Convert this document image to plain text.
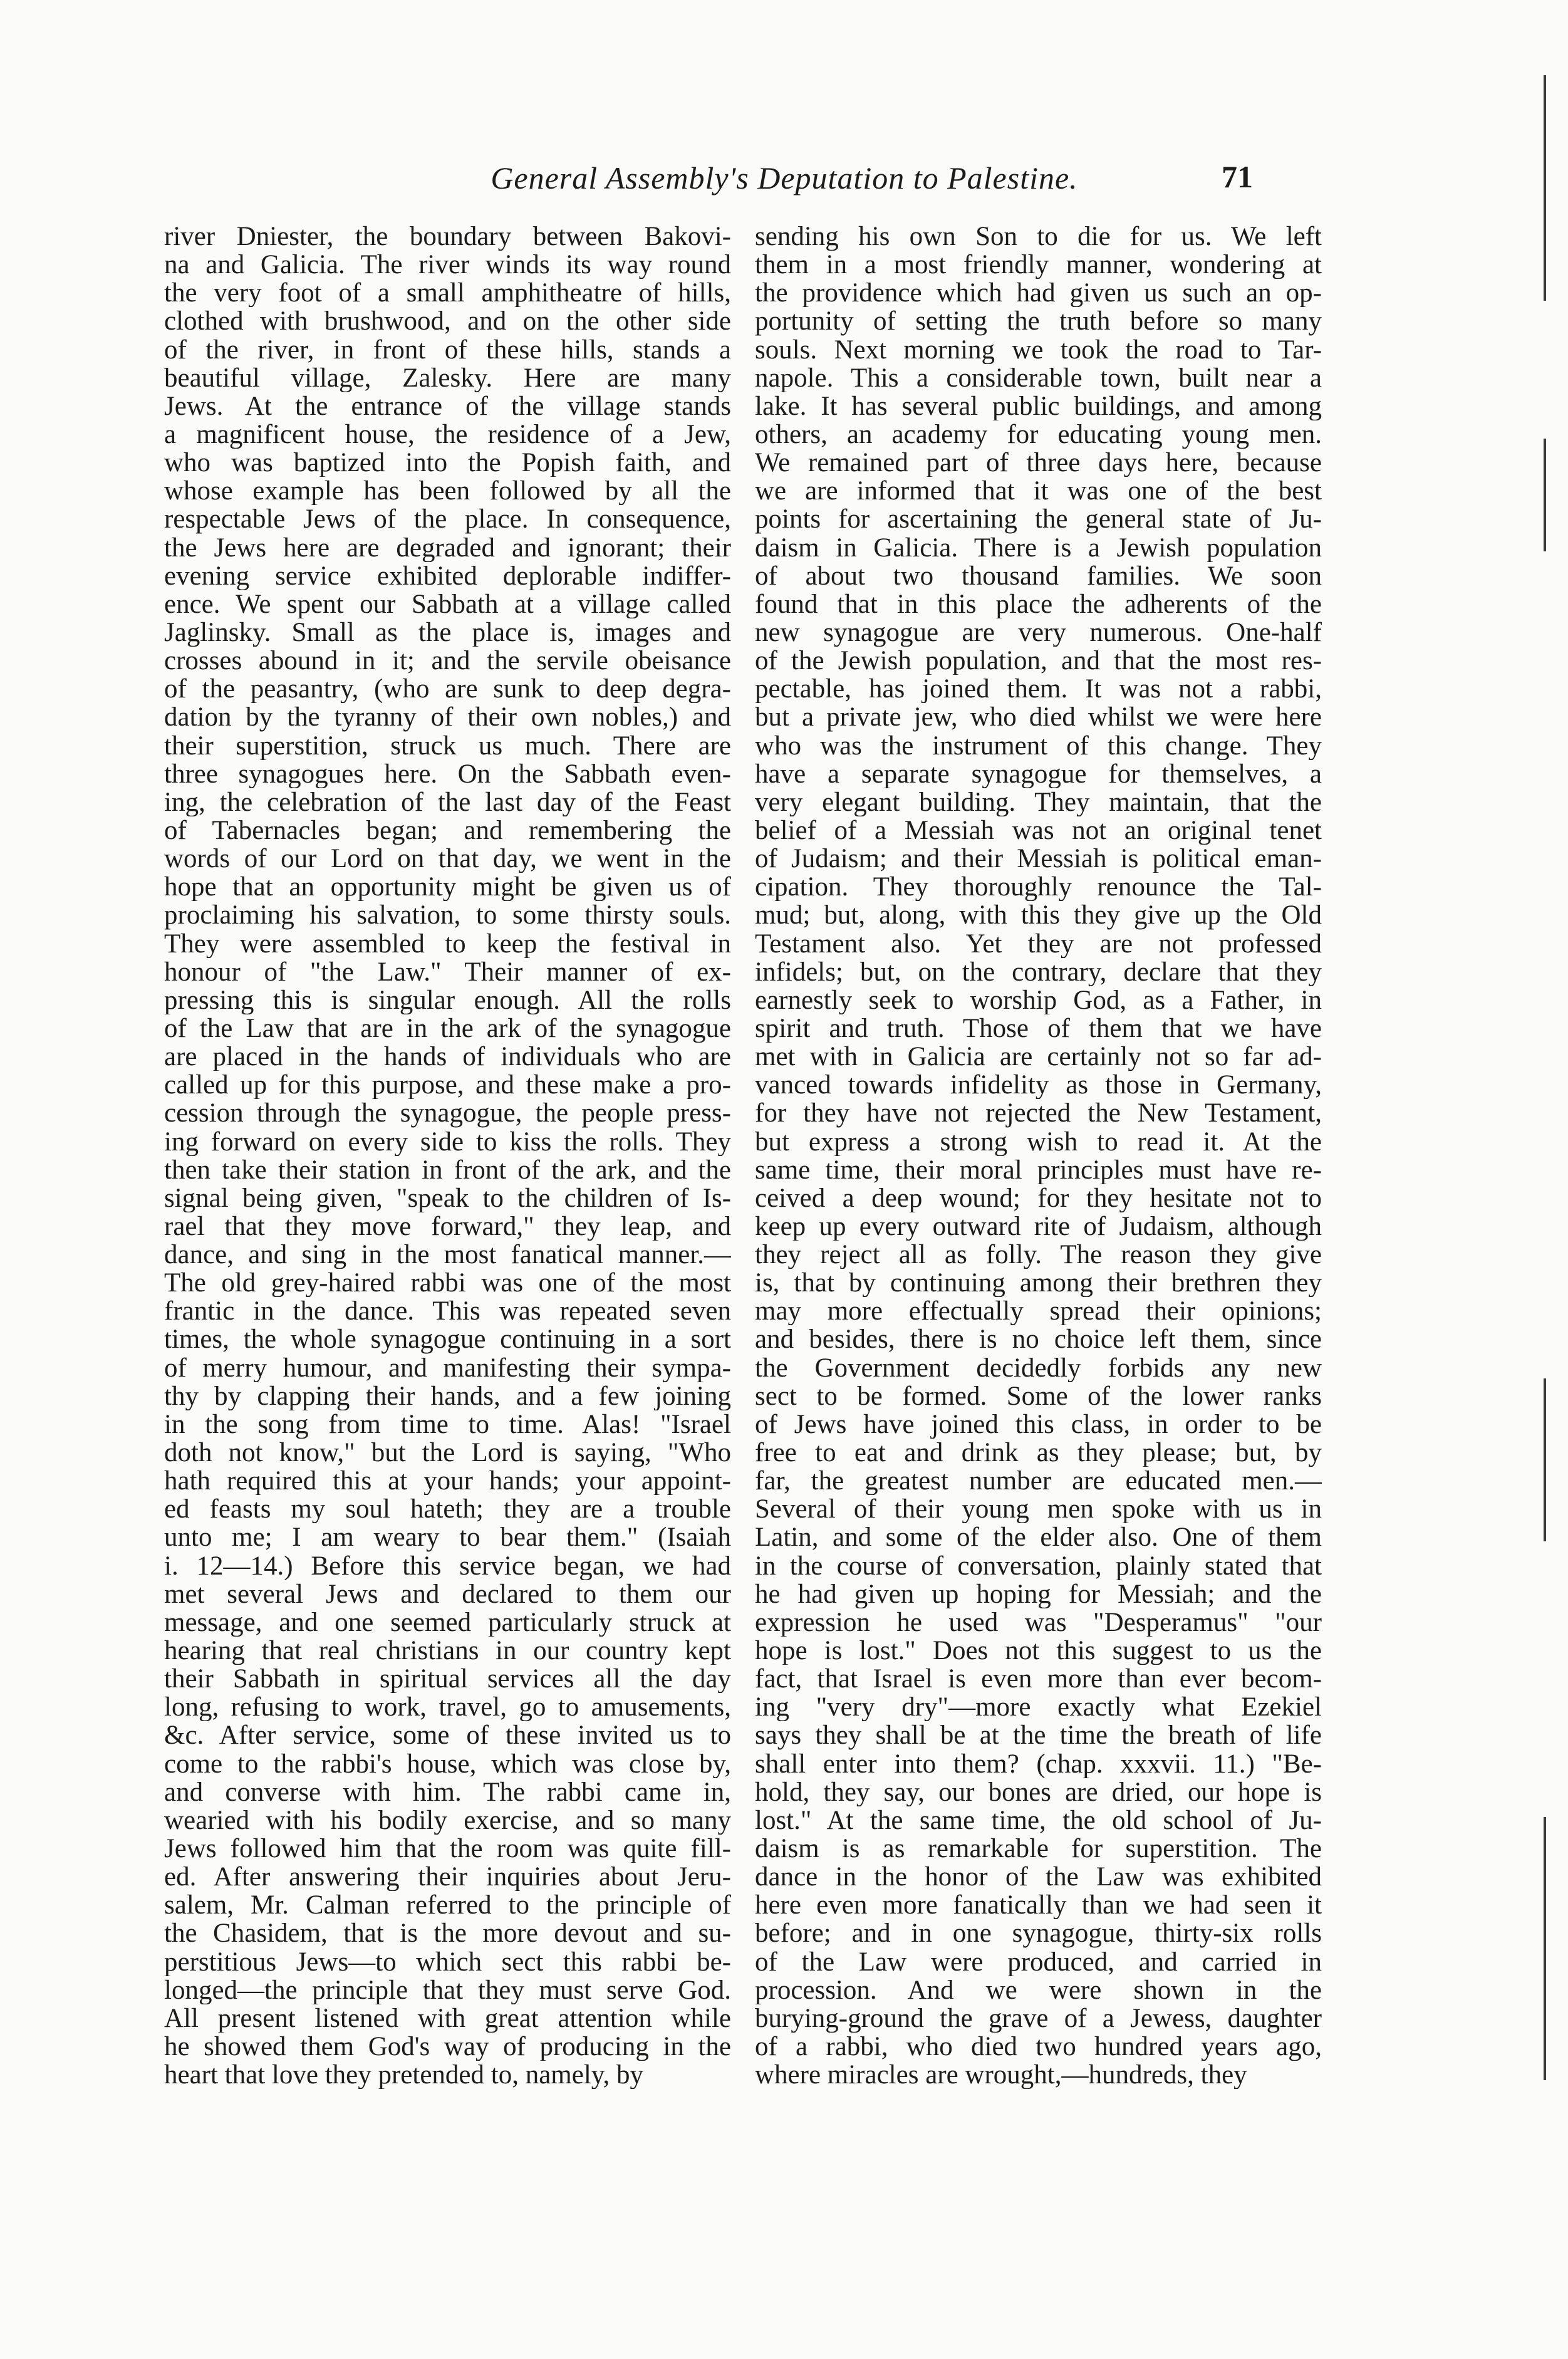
General Assembly's Deputation to Palestine.	71
river Dniester, the boundary between Bakovi-
na and Galicia. The river winds its way round
the very foot of a small amphitheatre of hills,
clothed with brushwood, and on the other side
of the river, in front of these hills, stands a
beautiful village, Zalesky. Here are many
Jews. At the entrance of the village stands
a magnificent house, the residence of a Jew,
who was baptized into the Popish faith, and
whose example has been followed by all the
respectable Jews of the place. In consequence,
the Jews here are degraded and ignorant; their
evening service exhibited deplorable indiffer-
ence. We spent our Sabbath at a village called
Jaglinsky. Small as the place is, images and
crosses abound in it; and the servile obeisance
of the peasantry, (who are sunk to deep degra-
dation by the tyranny of their own nobles,) and
their superstition, struck us much. There are
three synagogues here. On the Sabbath even-
ing, the celebration of the last day of the Feast
of Tabernacles began; and remembering the
words of our Lord on that day, we went in the
hope that an opportunity might be given us of
proclaiming his salvation, to some thirsty souls.
They were assembled to keep the festival in
honour of "the Law." Their manner of ex-
pressing this is singular enough. All the rolls
of the Law that are in the ark of the synagogue
are placed in the hands of individuals who are
called up for this purpose, and these make a pro-
cession through the synagogue, the people press-
ing forward on every side to kiss the rolls. They
then take their station in front of the ark, and the
signal being given, "speak to the children of Is-
rael that they move forward," they leap, and
dance, and sing in the most fanatical manner.—
The old grey-haired rabbi was one of the most
frantic in the dance. This was repeated seven
times, the whole synagogue continuing in a sort
of merry humour, and manifesting their sympa-
thy by clapping their hands, and a few joining
in the song from time to time. Alas! "Israel
doth not know," but the Lord is saying, "Who
hath required this at your hands; your appoint-
ed feasts my soul hateth; they are a trouble
unto me; I am weary to bear them." (Isaiah
i. 12—14.) Before this service began, we had
met several Jews and declared to them our
message, and one seemed particularly struck at
hearing that real christians in our country kept
their Sabbath in spiritual services all the day
long, refusing to work, travel, go to amusements,
&c. After service, some of these invited us to
come to the rabbi's house, which was close by,
and converse with him. The rabbi came in,
wearied with his bodily exercise, and so many
Jews followed him that the room was quite fill-
ed. After answering their inquiries about Jeru-
salem, Mr. Calman referred to the principle of
the Chasidem, that is the more devout and su-
perstitious Jews—to which sect this rabbi be-
longed—the principle that they must serve God.
All present listened with great attention while
he showed them God's way of producing in the
heart that love they pretended to, namely, by
sending his own Son to die for us. We left
them in a most friendly manner, wondering at
the providence which had given us such an op-
portunity of setting the truth before so many
souls. Next morning we took the road to Tar-
napole. This a considerable town, built near a
lake. It has several public buildings, and among
others, an academy for educating young men.
We remained part of three days here, because
we are informed that it was one of the best
points for ascertaining the general state of Ju-
daism in Galicia. There is a Jewish population
of about two thousand families. We soon
found that in this place the adherents of the
new synagogue are very numerous. One-half
of the Jewish population, and that the most res-
pectable, has joined them. It was not a rabbi,
but a private jew, who died whilst we were here
who was the instrument of this change. They
have a separate synagogue for themselves, a
very elegant building. They maintain, that the
belief of a Messiah was not an original tenet
of Judaism; and their Messiah is political eman-
cipation. They thoroughly renounce the Tal-
mud; but, along, with this they give up the Old
Testament also. Yet they are not professed
infidels; but, on the contrary, declare that they
earnestly seek to worship God, as a Father, in
spirit and truth. Those of them that we have
met with in Galicia are certainly not so far ad-
vanced towards infidelity as those in Germany,
for they have not rejected the New Testament,
but express a strong wish to read it. At the
same time, their moral principles must have re-
ceived a deep wound; for they hesitate not to
keep up every outward rite of Judaism, although
they reject all as folly. The reason they give
is, that by continuing among their brethren they
may more effectually spread their opinions;
and besides, there is no choice left them, since
the Government decidedly forbids any new
sect to be formed. Some of the lower ranks
of Jews have joined this class, in order to be
free to eat and drink as they please; but, by
far, the greatest number are educated men.—
Several of their young men spoke with us in
Latin, and some of the elder also. One of them
in the course of conversation, plainly stated that
he had given up hoping for Messiah; and the
expression he used was "Desperamus" "our
hope is lost." Does not this suggest to us the
fact, that Israel is even more than ever becom-
ing "very dry"—more exactly what Ezekiel
says they shall be at the time the breath of life
shall enter into them? (chap. xxxvii. 11.) "Be-
hold, they say, our bones are dried, our hope is
lost." At the same time, the old school of Ju-
daism is as remarkable for superstition. The
dance in the honor of the Law was exhibited
here even more fanatically than we had seen it
before; and in one synagogue, thirty-six rolls
of the Law were produced, and carried in
procession. And we were shown in the
burying-ground the grave of a Jewess, daughter
of a rabbi, who died two hundred years ago,
where miracles are wrought,—hundreds, they
